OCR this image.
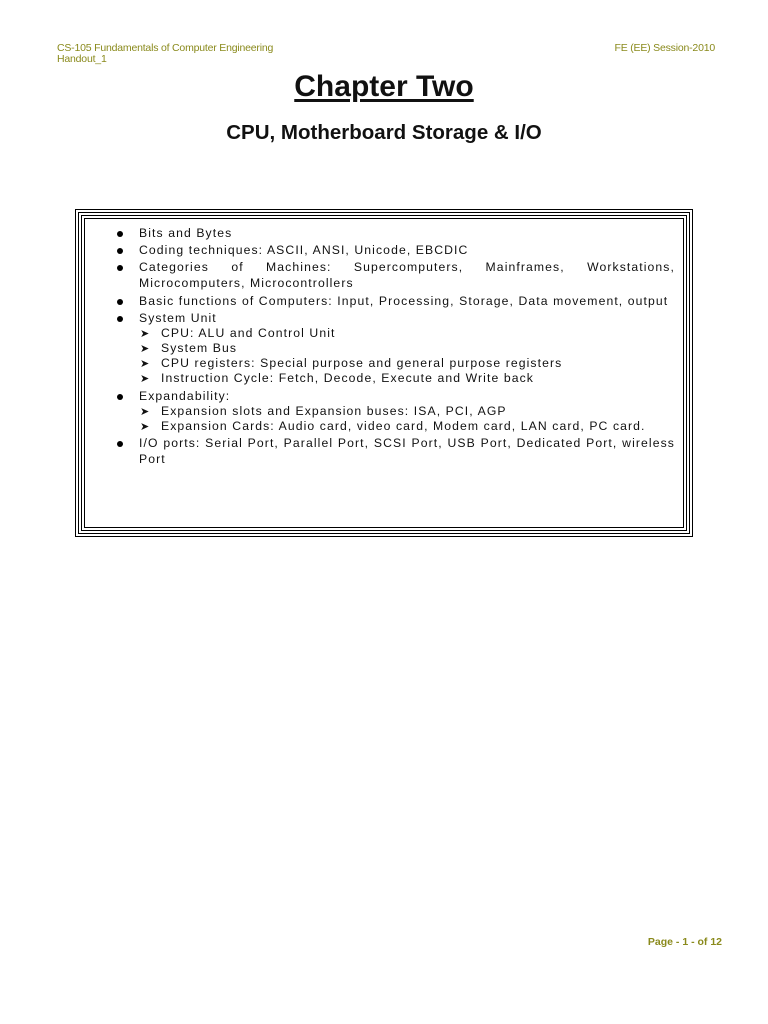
CS-105 Fundamentals of Computer Engineering
Handout_1
FE (EE) Session-2010
Chapter Two
CPU, Motherboard Storage & I/O
Bits and Bytes
Coding techniques: ASCII, ANSI, Unicode, EBCDIC
Categories of Machines: Supercomputers, Mainframes, Workstations, Microcomputers, Microcontrollers
Basic functions of Computers: Input, Processing, Storage, Data movement, output
System Unit
➤ CPU: ALU and Control Unit
➤ System Bus
➤ CPU registers: Special purpose and general purpose registers
➤ Instruction Cycle: Fetch, Decode, Execute and Write back
Expandability:
➤ Expansion slots and Expansion buses: ISA, PCI, AGP
➤ Expansion Cards: Audio card, video card, Modem card, LAN card, PC card.
I/O ports: Serial Port, Parallel Port, SCSI Port, USB Port, Dedicated Port, wireless Port
Page - 1 - of 12
